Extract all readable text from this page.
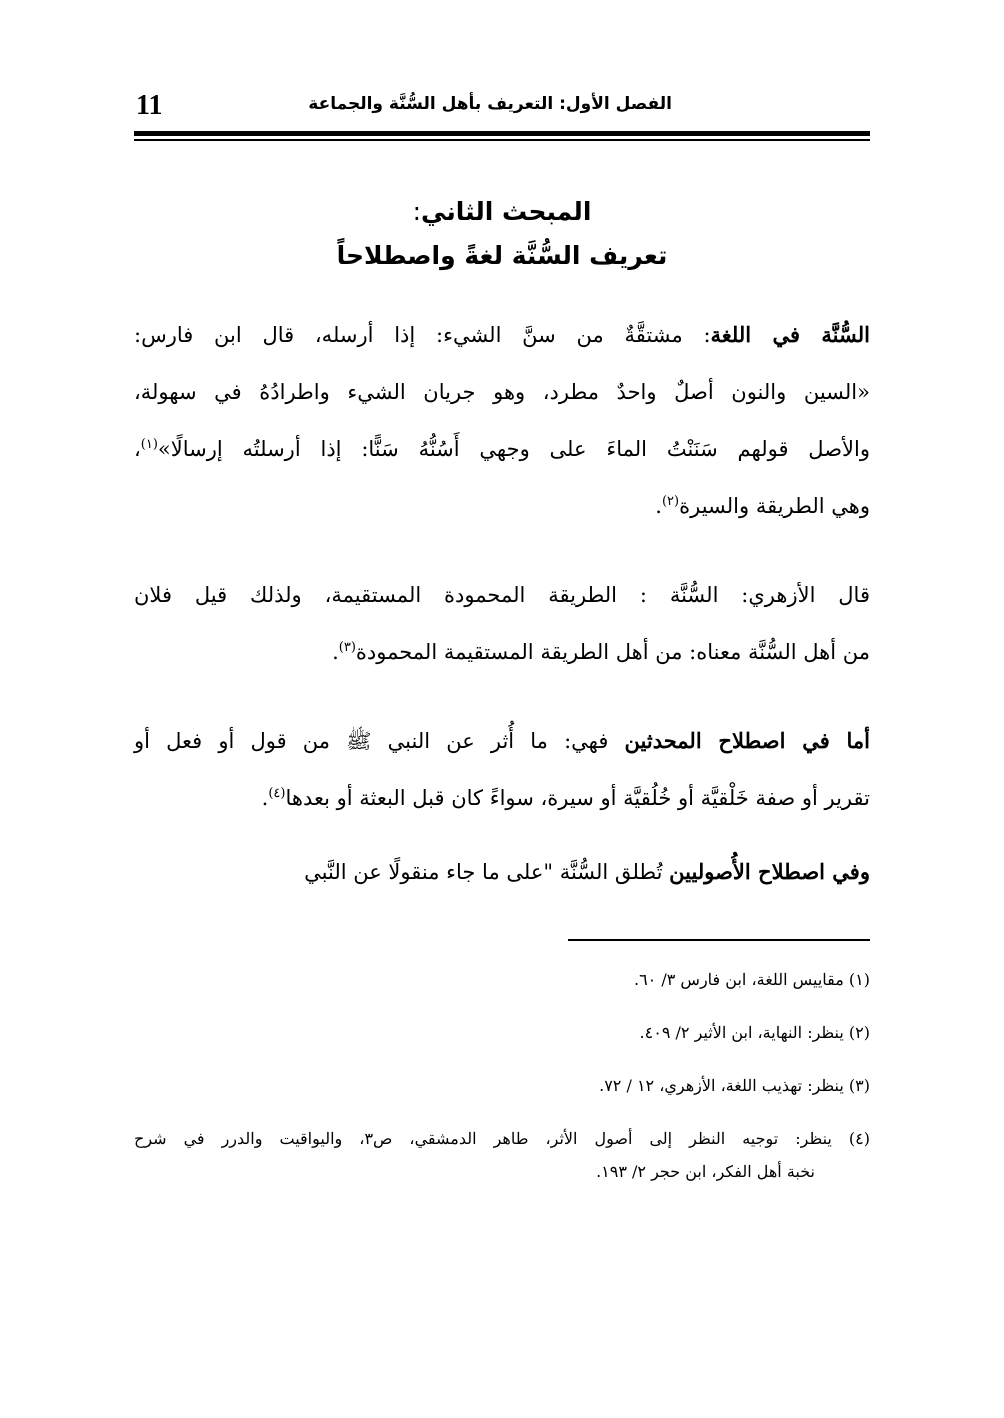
11	الفصل الأول: التعريف بأهل السُّنَّة والجماعة
المبحث الثاني:
تعريف السُّنَّة لغةً واصطلاحاً
السُّنَّة في اللغة: مشتقَّةٌ من سنَّ الشيء: إذا أرسله، قال ابن فارس:
«السين والنون أصلٌ واحدٌ مطرد، وهو جريان الشيء واطرادُهُ في سهولة،
والأصل قولهم سَنَنْتُ الماءَ على وجهي أَسُنُّهُ سَنًّا: إذا أرسلتُه إرسالًا»$^{(١)}$،
وهي الطريقة والسيرة$^{(٢)}$.
قال الأزهري: السُّنَّة : الطريقة المحمودة المستقيمة، ولذلك قيل فلان
من أهل السُّنَّة معناه: من أهل الطريقة المستقيمة المحمودة$^{(٣)}$.
أما في اصطلاح المحدثين فهي: ما أُثر عن النبي ﷺ من قول أو فعل أو
تقرير أو صفة خَلْقيَّة أو خُلُقيَّة أو سيرة، سواءً كان قبل البعثة أو بعدها$^{(٤)}$.
وفي اصطلاح الأُصوليين تُطلق السُّنَّة "على ما جاء منقولًا عن النَّبي
(١) مقاييس اللغة، ابن فارس ٣/ ٦٠.
(٢) ينظر: النهاية، ابن الأثير ٢/ ٤٠٩.
(٣) ينظر: تهذيب اللغة، الأزهري، ١٢ / ٧٢.
(٤) ينظر: توجيه النظر إلى أصول الأثر، طاهر الدمشقي، ص٣، واليواقيت والدرر في شرح
نخبة أهل الفكر، ابن حجر ٢/ ١٩٣.
